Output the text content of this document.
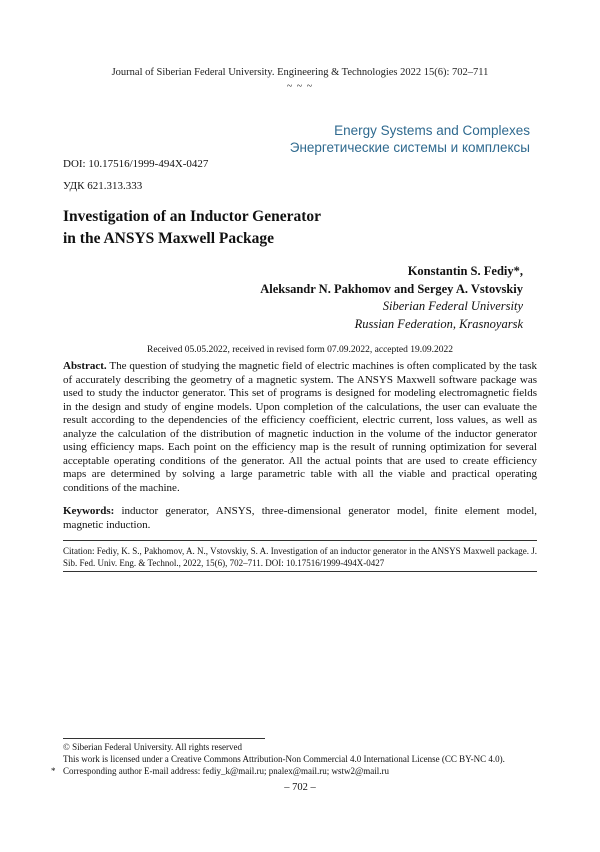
Journal of Siberian Federal University. Engineering & Technologies 2022 15(6): 702–711
~ ~ ~
Energy Systems and Complexes
Энергетические системы и комплексы
DOI: 10.17516/1999-494X-0427
УДК 621.313.333
Investigation of an Inductor Generator
in the ANSYS Maxwell Package
Konstantin S. Fediy*,
Aleksandr N. Pakhomov and Sergey A. Vstovskiy
Siberian Federal University
Russian Federation, Krasnoyarsk
Received 05.05.2022, received in revised form 07.09.2022, accepted 19.09.2022
Abstract. The question of studying the magnetic field of electric machines is often complicated by the task of accurately describing the geometry of a magnetic system. The ANSYS Maxwell software package was used to study the inductor generator. This set of programs is designed for modeling electromagnetic fields in the design and study of engine models. Upon completion of the calculations, the user can evaluate the result according to the dependencies of the efficiency coefficient, electric current, loss values, as well as analyze the calculation of the distribution of magnetic induction in the volume of the inductor generator using efficiency maps. Each point on the efficiency map is the result of running optimization for several acceptable operating conditions of the generator. All the actual points that are used to create efficiency maps are determined by solving a large parametric table with all the viable and practical operating conditions of the machine.
Keywords: inductor generator, ANSYS, three-dimensional generator model, finite element model, magnetic induction.
Citation: Fediy, K. S., Pakhomov, A. N., Vstovskiy, S. A. Investigation of an inductor generator in the ANSYS Maxwell package. J. Sib. Fed. Univ. Eng. & Technol., 2022, 15(6), 702–711. DOI: 10.17516/1999-494X-0427
© Siberian Federal University. All rights reserved
This work is licensed under a Creative Commons Attribution-Non Commercial 4.0 International License (CC BY-NC 4.0).
* Corresponding author E-mail address: fediy_k@mail.ru; pnalex@mail.ru; wstw2@mail.ru
– 702 –
